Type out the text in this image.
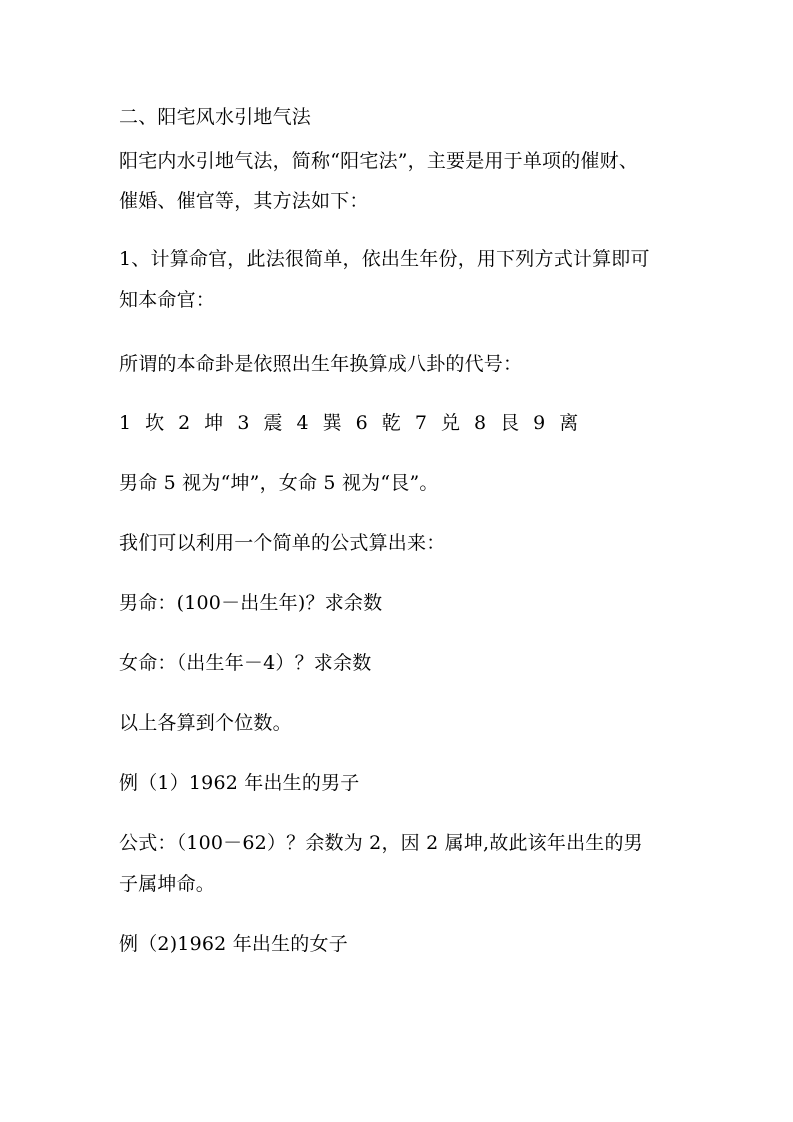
二、阳宅风水引地气法
阳宅内水引地气法，简称“阳宅法”，主要是用于单项的催财、
催婚、催官等，其方法如下：
1、计算命官，此法很简单，依出生年份，用下列方式计算即可
知本命官：
所谓的本命卦是依照出生年换算成八卦的代号：
1 坎 2 坤 3 震 4 巽 6 乾 7 兑 8 艮 9 离
男命 5 视为“坤”，女命 5 视为“艮”。
我们可以利用一个简单的公式算出来：
男命：(100－出生年)？求余数
女命：（出生年－4）？求余数
以上各算到个位数。
例（1）1962 年出生的男子
公式：（100－62）？余数为 2，因 2 属坤,故此该年出生的男
子属坤命。
例（2)1962 年出生的女子
